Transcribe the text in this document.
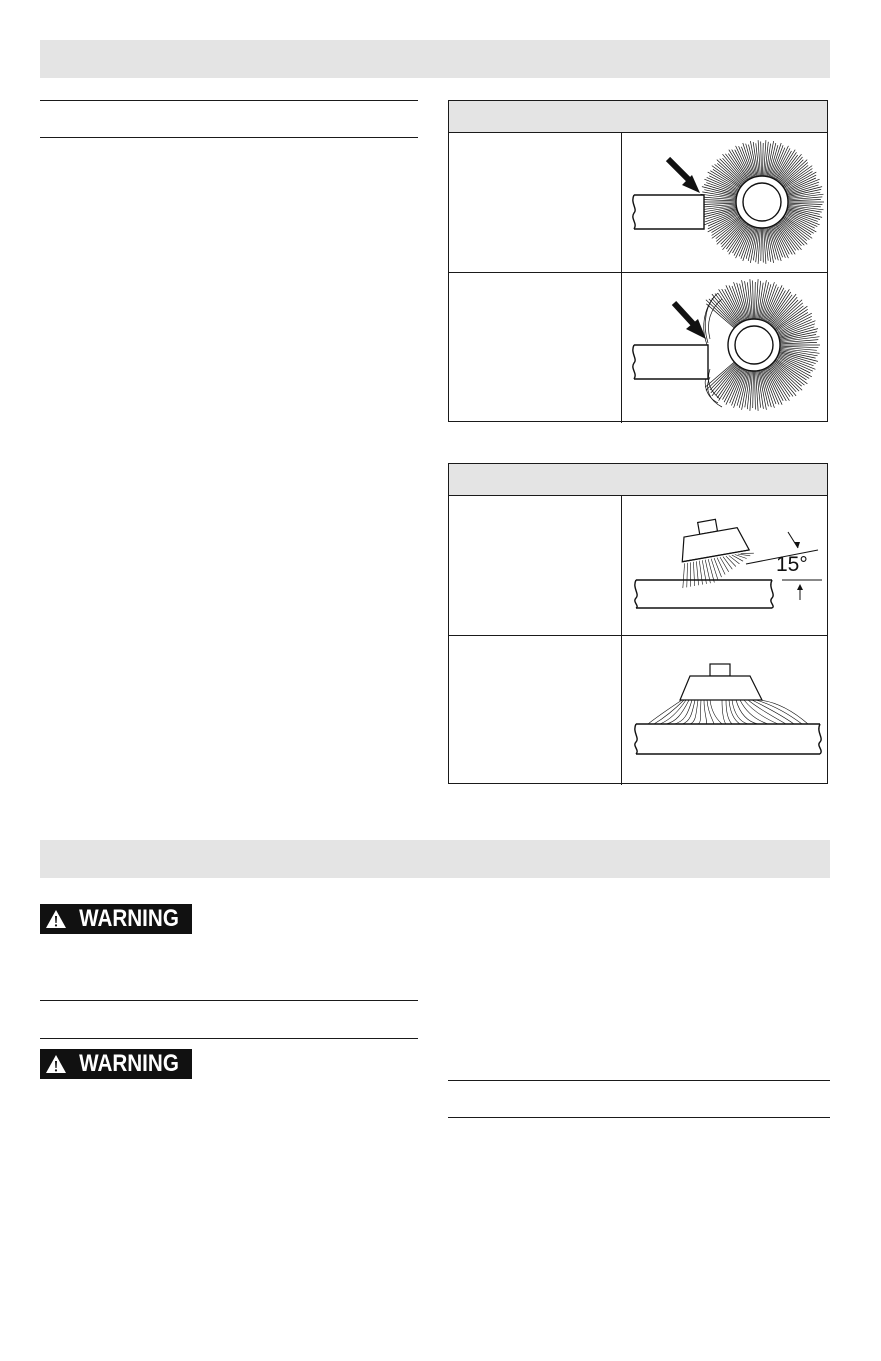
15°
WARNING
WARNING
